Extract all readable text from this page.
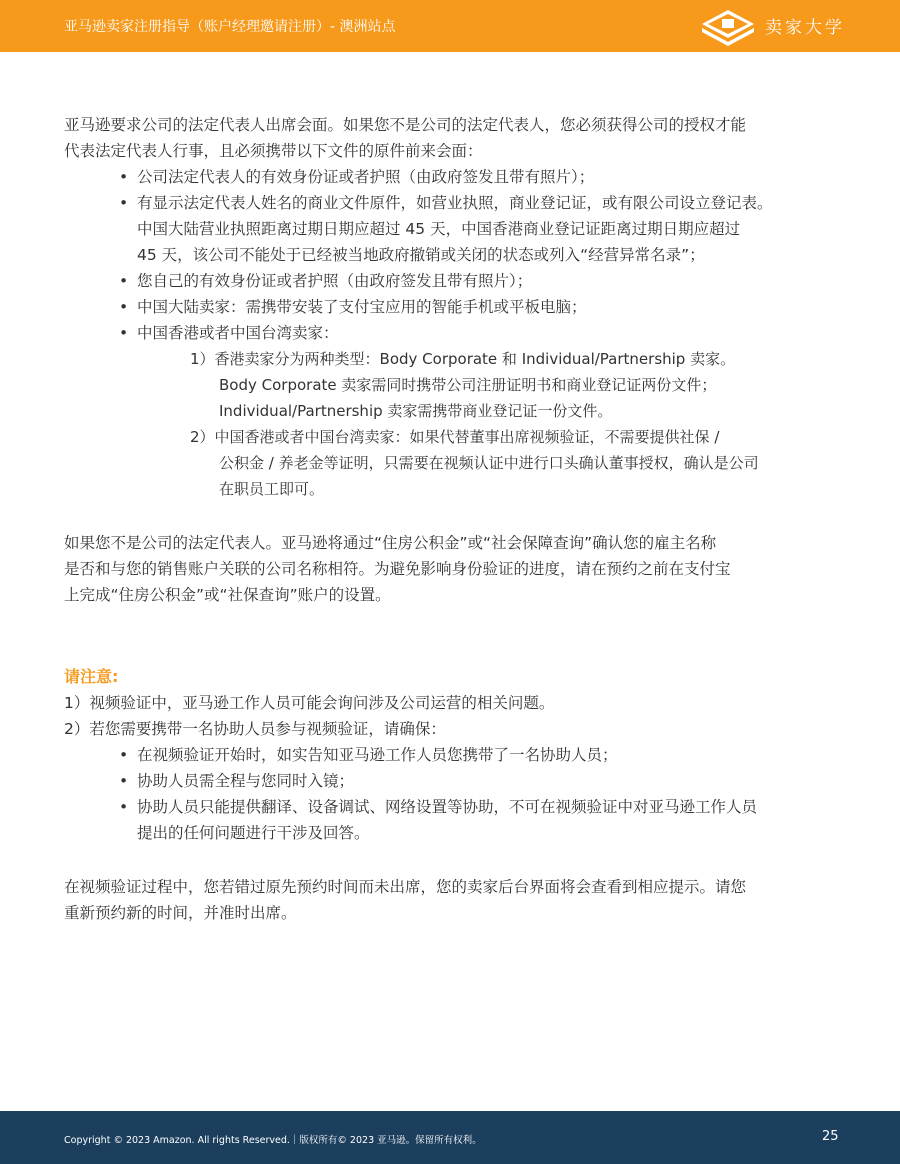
亚马逊卖家注册指导（账户经理邀请注册）- 澳洲站点	卖家大学

亚马逊要求公司的法定代表人出席会面。如果您不是公司的法定代表人，您必须获得公司的授权才能
代表法定代表人行事，且必须携带以下文件的原件前来会面：

• 公司法定代表人的有效身份证或者护照（由政府签发且带有照片）；
• 有显示法定代表人姓名的商业文件原件，如营业执照，商业登记证，或有限公司设立登记表。
中国大陆营业执照距离过期日期应超过 45 天，中国香港商业登记证距离过期日期应超过
45 天，该公司不能处于已经被当地政府撤销或关闭的状态或列入“经营异常名录”；
• 您自己的有效身份证或者护照（由政府签发且带有照片）；
• 中国大陆卖家：需携带安装了支付宝应用的智能手机或平板电脑；
• 中国香港或者中国台湾卖家：
1）香港卖家分为两种类型：Body Corporate 和 Individual/Partnership 卖家。
Body Corporate 卖家需同时携带公司注册证明书和商业登记证两份文件；
Individual/Partnership 卖家需携带商业登记证一份文件。
2）中国香港或者中国台湾卖家：如果代替董事出席视频验证，不需要提供社保 /
公积金 / 养老金等证明，只需要在视频认证中进行口头确认董事授权，确认是公司
在职员工即可。

如果您不是公司的法定代表人。亚马逊将通过“住房公积金”或“社会保障查询”确认您的雇主名称
是否和与您的销售账户关联的公司名称相符。为避免影响身份验证的进度，请在预约之前在支付宝
上完成“住房公积金”或“社保查询”账户的设置。

请注意:
1）视频验证中，亚马逊工作人员可能会询问涉及公司运营的相关问题。
2）若您需要携带一名协助人员参与视频验证，请确保：
• 在视频验证开始时，如实告知亚马逊工作人员您携带了一名协助人员；
• 协助人员需全程与您同时入镜；
• 协助人员只能提供翻译、设备调试、网络设置等协助，不可在视频验证中对亚马逊工作人员
提出的任何问题进行干涉及回答。

在视频验证过程中，您若错过原先预约时间而未出席，您的卖家后台界面将会查看到相应提示。请您
重新预约新的时间，并准时出席。

Copyright © 2023 Amazon. All rights Reserved.｜版权所有© 2023 亚马逊。保留所有权利。	25
